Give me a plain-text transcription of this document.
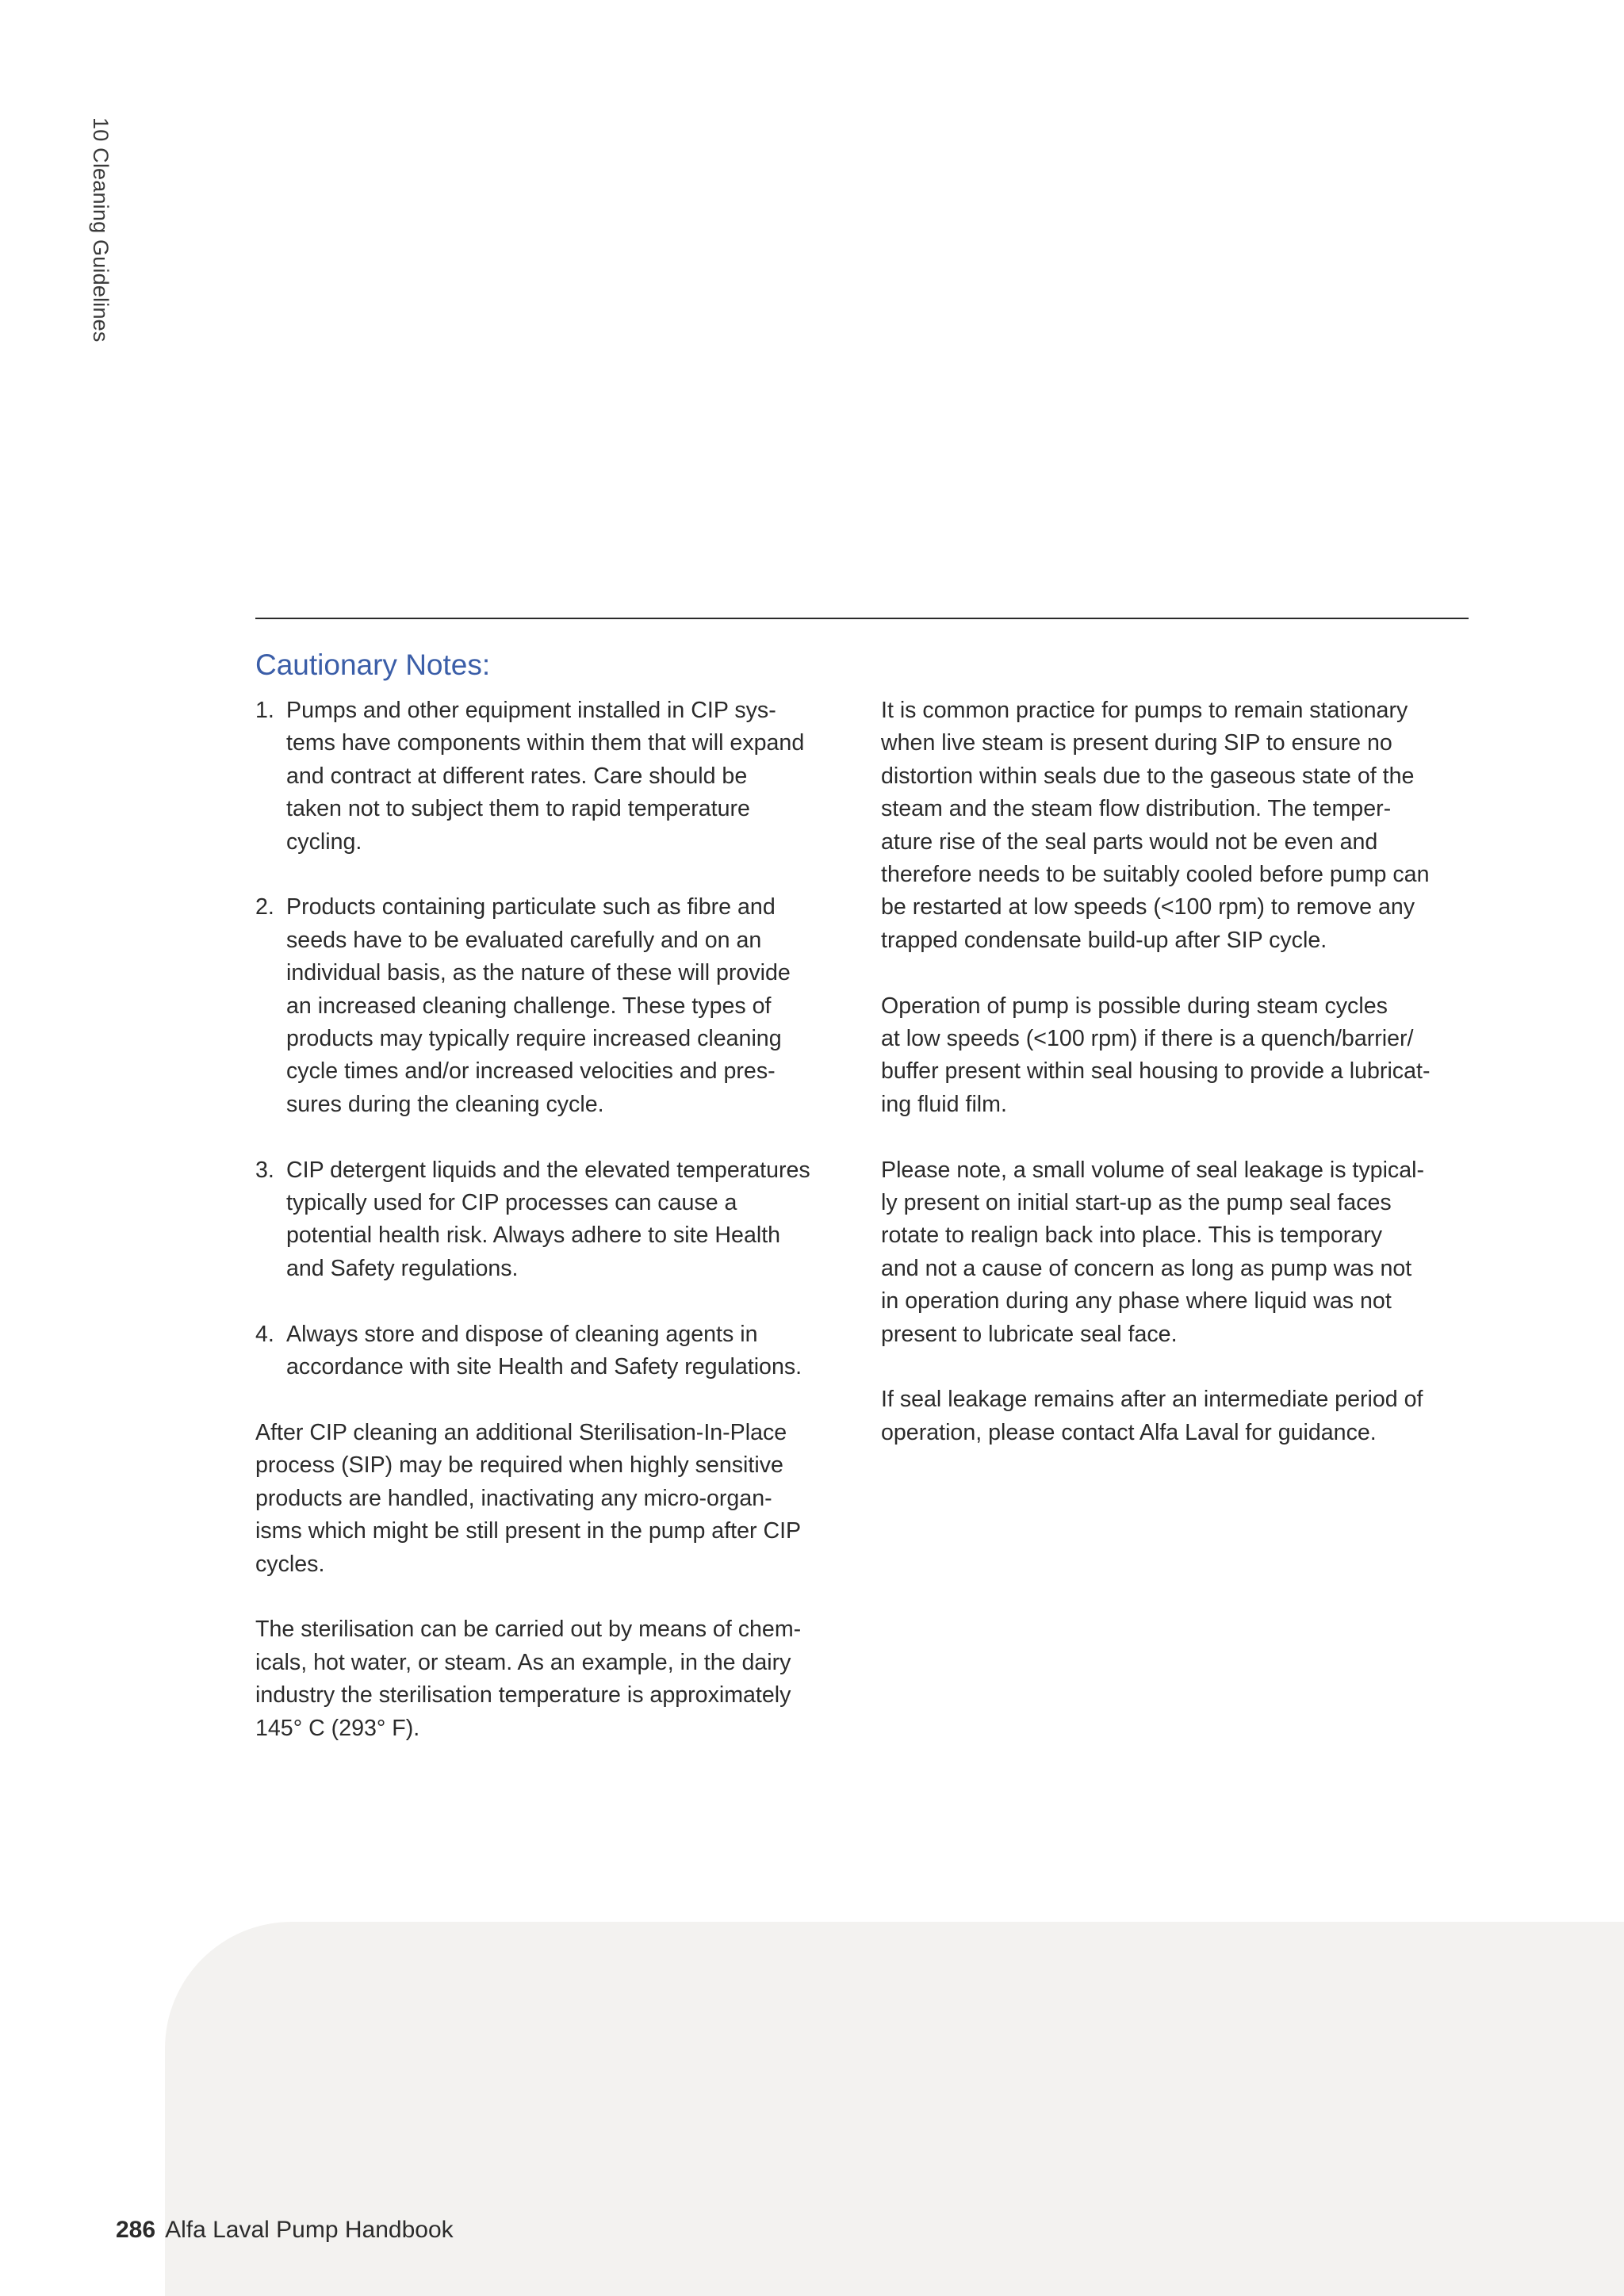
10 Cleaning Guidelines
Cautionary Notes:
1. Pumps and other equipment installed in CIP sys-
tems have components within them that will expand
and contract at different rates. Care should be
taken not to subject them to rapid temperature
cycling.
2. Products containing particulate such as fibre and
seeds have to be evaluated carefully and on an
individual basis, as the nature of these will provide
an increased cleaning challenge. These types of
products may typically require increased cleaning
cycle times and/or increased velocities and pres-
sures during the cleaning cycle.
3. CIP detergent liquids and the elevated temperatures
typically used for CIP processes can cause a
potential health risk. Always adhere to site Health
and Safety regulations.
4. Always store and dispose of cleaning agents in
accordance with site Health and Safety regulations.

After CIP cleaning an additional Sterilisation-In-Place
process (SIP) may be required when highly sensitive
products are handled, inactivating any micro-organ-
isms which might be still present in the pump after CIP
cycles.

The sterilisation can be carried out by means of chem-
icals, hot water, or steam. As an example, in the dairy
industry the sterilisation temperature is approximately
145° C (293° F).

It is common practice for pumps to remain stationary
when live steam is present during SIP to ensure no
distortion within seals due to the gaseous state of the
steam and the steam flow distribution. The temper-
ature rise of the seal parts would not be even and
therefore needs to be suitably cooled before pump can
be restarted at low speeds (<100 rpm) to remove any
trapped condensate build-up after SIP cycle.

Operation of pump is possible during steam cycles
at low speeds (<100 rpm) if there is a quench/barrier/
buffer present within seal housing to provide a lubricat-
ing fluid film.

Please note, a small volume of seal leakage is typical-
ly present on initial start-up as the pump seal faces
rotate to realign back into place. This is temporary
and not a cause of concern as long as pump was not
in operation during any phase where liquid was not
present to lubricate seal face.

If seal leakage remains after an intermediate period of
operation, please contact Alfa Laval for guidance.

286 Alfa Laval Pump Handbook
